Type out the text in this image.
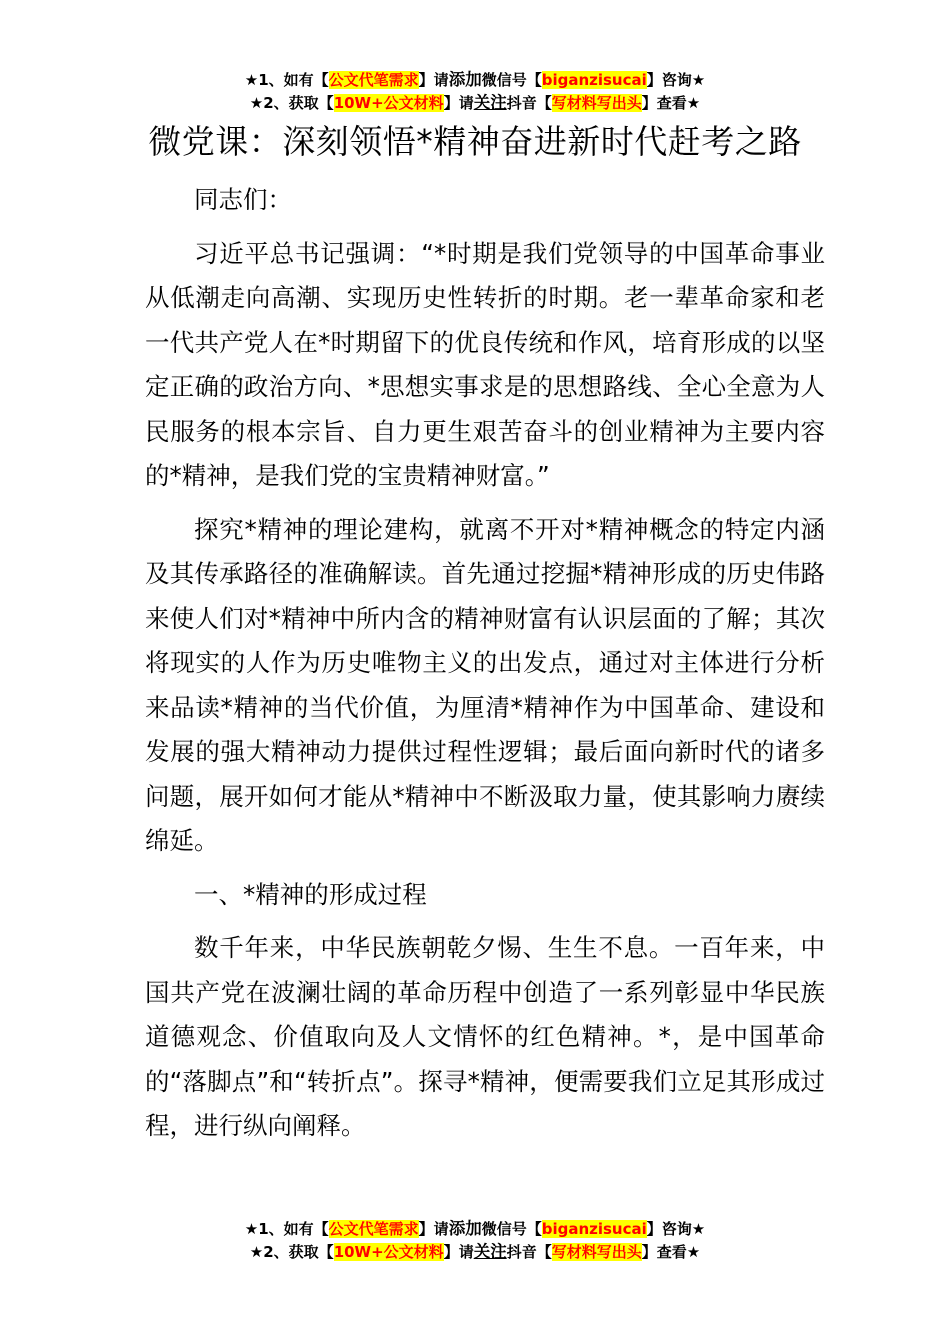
★1、如有【公文代笔需求】请添加微信号【biganzisucai】咨询★
★2、获取【10W+公文材料】请关注抖音【写材料写出头】查看★
微党课：深刻领悟*精神奋进新时代赶考之路

同志们：

习近平总书记强调：“*时期是我们党领导的中国革命事业从低潮走向高潮、实现历史性转折的时期。老一辈革命家和老一代共产党人在*时期留下的优良传统和作风，培育形成的以坚定正确的政治方向、*思想实事求是的思想路线、全心全意为人民服务的根本宗旨、自力更生艰苦奋斗的创业精神为主要内容的*精神，是我们党的宝贵精神财富。”

探究*精神的理论建构，就离不开对*精神概念的特定内涵及其传承路径的准确解读。首先通过挖掘*精神形成的历史伟路来使人们对*精神中所内含的精神财富有认识层面的了解；其次将现实的人作为历史唯物主义的出发点，通过对主体进行分析来品读*精神的当代价值，为厘清*精神作为中国革命、建设和发展的强大精神动力提供过程性逻辑；最后面向新时代的诸多问题，展开如何才能从*精神中不断汲取力量，使其影响力赓续绵延。

一、*精神的形成过程

数千年来，中华民族朝乾夕惕、生生不息。一百年来，中国共产党在波澜壮阔的革命历程中创造了一系列彰显中华民族道德观念、价值取向及人文情怀的红色精神。*，是中国革命的“落脚点”和“转折点”。探寻*精神，便需要我们立足其形成过程，进行纵向阐释。

★1、如有【公文代笔需求】请添加微信号【biganzisucai】咨询★
★2、获取【10W+公文材料】请关注抖音【写材料写出头】查看★
